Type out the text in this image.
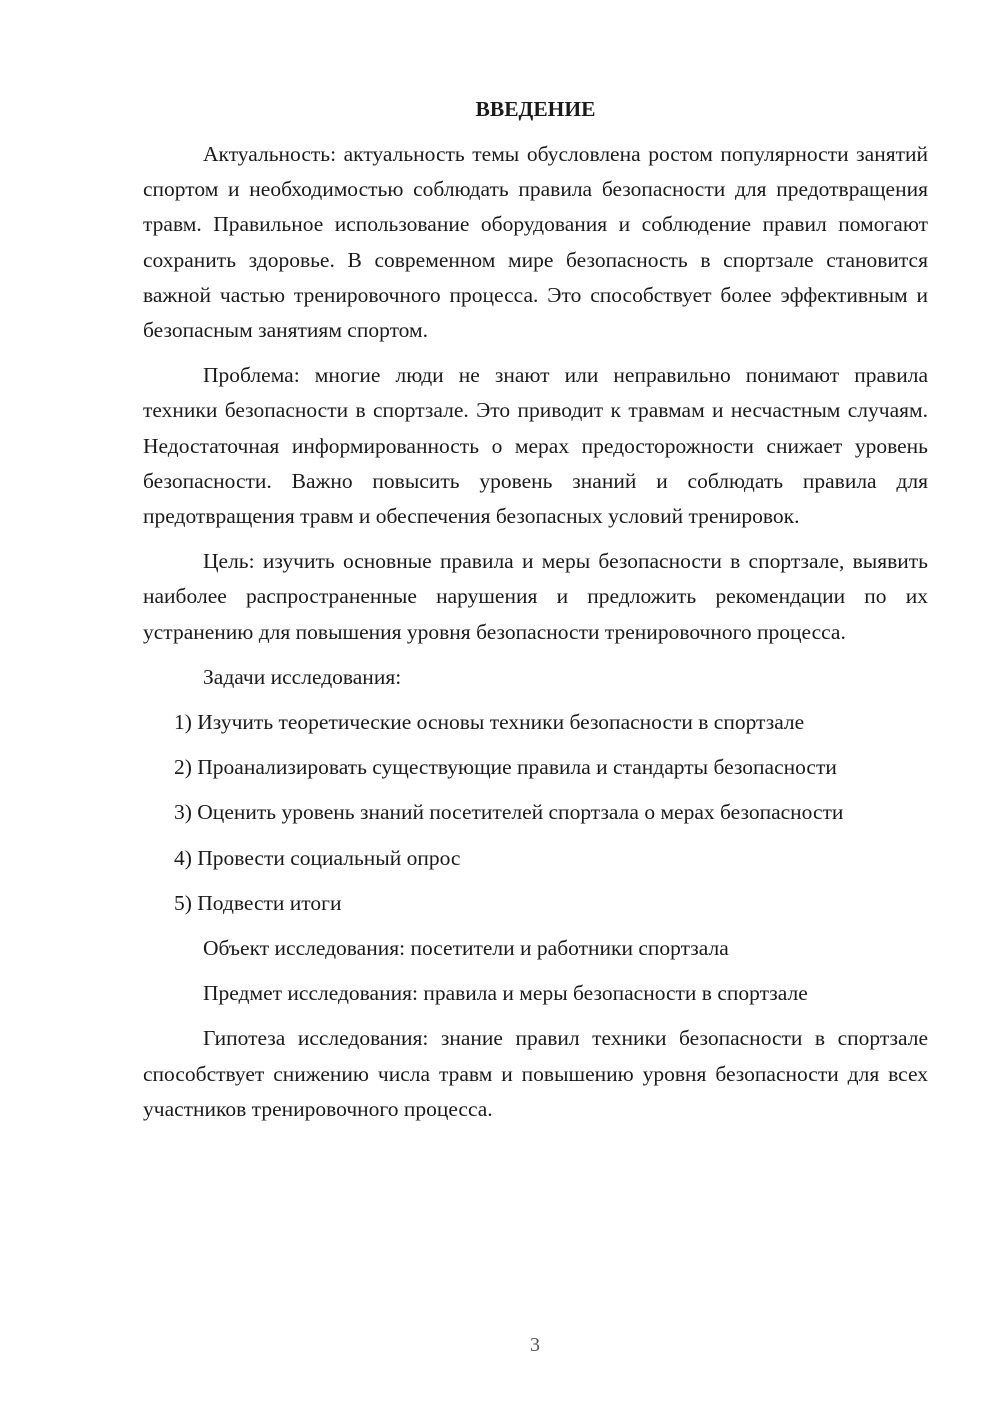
ВВЕДЕНИЕ

Актуальность: актуальность темы обусловлена ростом популярности занятий спортом и необходимостью соблюдать правила безопасности для предотвращения травм. Правильное использование оборудования и соблюдение правил помогают сохранить здоровье. В современном мире безопасность в спортзале становится важной частью тренировочного процесса. Это способствует более эффективным и безопасным занятиям спортом.

Проблема: многие люди не знают или неправильно понимают правила техники безопасности в спортзале. Это приводит к травмам и несчастным случаям. Недостаточная информированность о мерах предосторожности снижает уровень безопасности. Важно повысить уровень знаний и соблюдать правила для предотвращения травм и обеспечения безопасных условий тренировок.

Цель: изучить основные правила и меры безопасности в спортзале, выявить наиболее распространенные нарушения и предложить рекомендации по их устранению для повышения уровня безопасности тренировочного процесса.

Задачи исследования:

1) Изучить теоретические основы техники безопасности в спортзале

2) Проанализировать существующие правила и стандарты безопасности

3) Оценить уровень знаний посетителей спортзала о мерах безопасности

4) Провести социальный опрос

5) Подвести итоги

Объект исследования: посетители и работники спортзала

Предмет исследования: правила и меры безопасности в спортзале

Гипотеза исследования: знание правил техники безопасности в спортзале способствует снижению числа травм и повышению уровня безопасности для всех участников тренировочного процесса.

3
